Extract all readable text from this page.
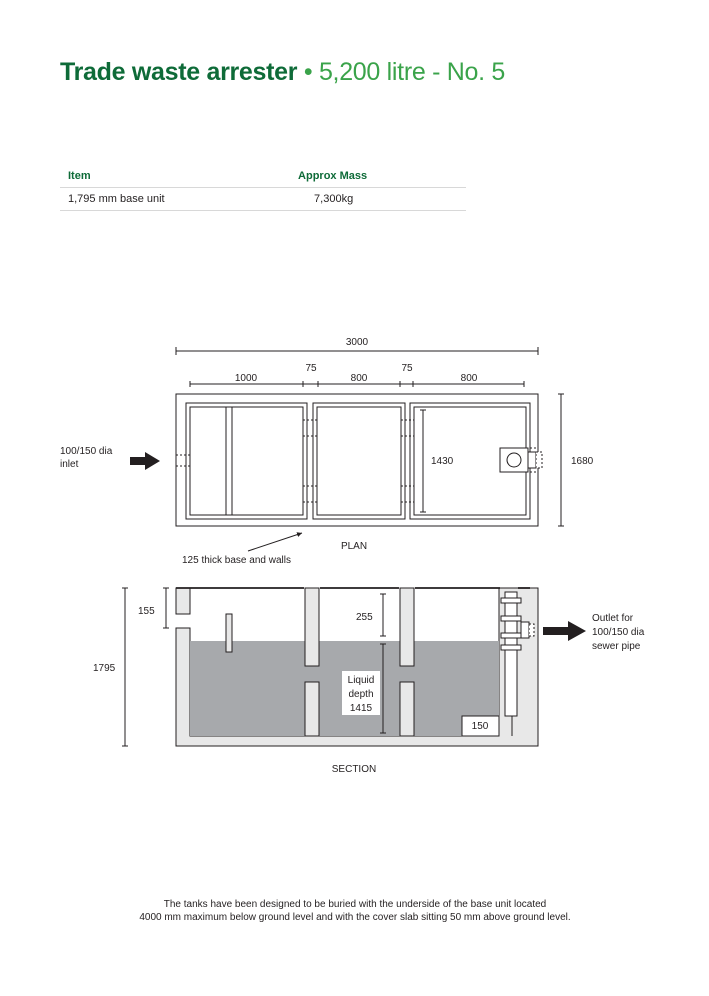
Trade waste arrester • 5,200 litre - No. 5
Item	Approx Mass
1,795 mm base unit	7,300kg
3000
1000
75
800
75
800
1430	1680
100/150 dia
inlet
PLAN
125 thick base and walls
155
1795
255
Liquid
depth
1415
150
Outlet for
100/150 dia
sewer pipe
SECTION
The tanks have been designed to be buried with the underside of the base unit located
4000 mm maximum below ground level and with the cover slab sitting 50 mm above ground level.
